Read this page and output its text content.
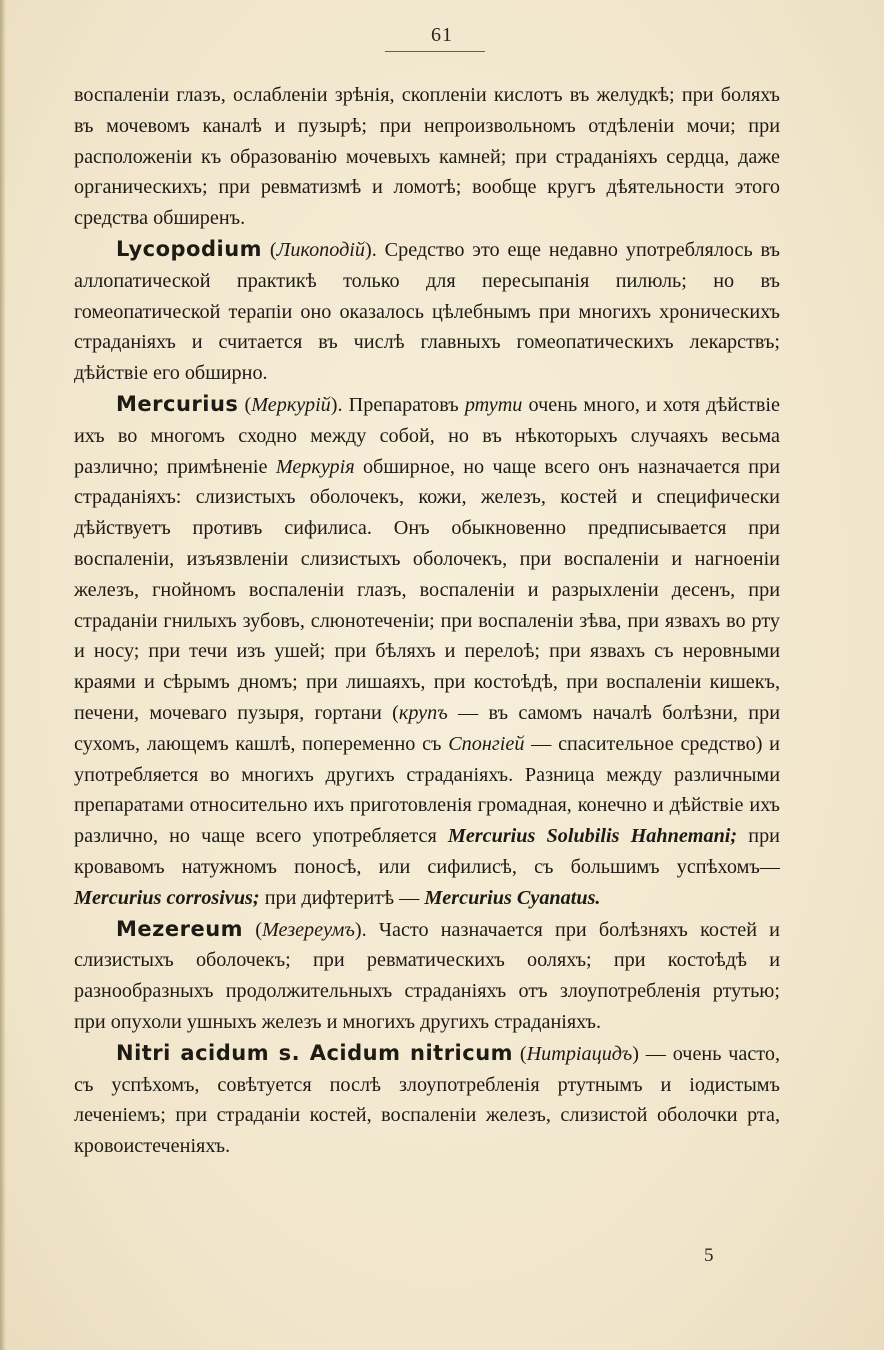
61

воспаленіи глазъ, ослабленіи зрѣнія, скопленіи кислотъ въ желудкѣ; при боляхъ въ мочевомъ каналѣ и пузырѣ; при непроизвольномъ отдѣленіи мочи; при расположеніи къ образованію мочевыхъ камней; при страданіяхъ сердца, даже органическихъ; при ревматизмѣ и ломотѣ; вообще кругъ дѣятельности этого средства обширенъ.

Lycopodium (Ликоподій). Средство это еще недавно употреблялось въ аллопатической практикѣ только для пересыпанія пилюль; но въ гомеопатической терапіи оно оказалось цѣлебнымъ при многихъ хроническихъ страданіяхъ и считается въ числѣ главныхъ гомеопатическихъ лекарствъ; дѣйствіе его обширно.

Mercurius (Меркурій). Препаратовъ ртути очень много, и хотя дѣйствіе ихъ во многомъ сходно между собой, но въ нѣкоторыхъ случаяхъ весьма различно; примѣненіе Меркурія обширное, но чаще всего онъ назначается при страданіяхъ: слизистыхъ оболочекъ, кожи, железъ, костей и специфически дѣйствуетъ противъ сифилиса. Онъ обыкновенно предписывается при воспаленіи, изъязвленіи слизистыхъ оболочекъ, при воспаленіи и нагноеніи железъ, гнойномъ воспаленіи глазъ, воспаленіи и разрыхленіи деcенъ, при страданіи гнилыхъ зубовъ, слюнотеченіи; при воспаленіи зѣва, при язвахъ во рту и носу; при течи изъ ушей; при бѣляхъ и перелоѣ; при язвахъ съ неровными краями и сѣрымъ дномъ; при лишаяхъ, при костоѣдѣ, при воспаленіи кишекъ, печени, мочеваго пузыря, гортани (крупъ — въ самомъ началѣ болѣзни, при сухомъ, лающемъ кашлѣ, попеременно съ Спонгіей — спасительное средство) и употребляется во многихъ другихъ страданіяхъ. Разница между различными препаратами относительно ихъ приготовленія громадная, конечно и дѣйствіе ихъ различно, но чаще всего употребляется Mercurius Solubilis Hahnemani; при кровавомъ натужномъ поносѣ, или сифилисѣ, съ большимъ успѣхомъ—Mercurius corrosivus; при дифтеритѣ — Mercurius Cyanatus.

Mezereum (Мезереумъ). Часто назначается при болѣзняхъ костей и слизистыхъ оболочекъ; при ревматическихъ ооляхъ; при костоѣдѣ и разнообразныхъ продолжительныхъ страданіяхъ отъ злоупотребленія ртутью; при опухоли ушныхъ железъ и многихъ другихъ страданіяхъ.

Nitri acidum s. Acidum nitricum (Нитріацидъ) — очень часто, съ успѣхомъ, совѣтуется послѣ злоупотребленія ртутнымъ и іодистымъ леченіемъ; при страданіи костей, воспаленіи железъ, слизистой оболочки рта, кровоистеченіяхъ.

5
